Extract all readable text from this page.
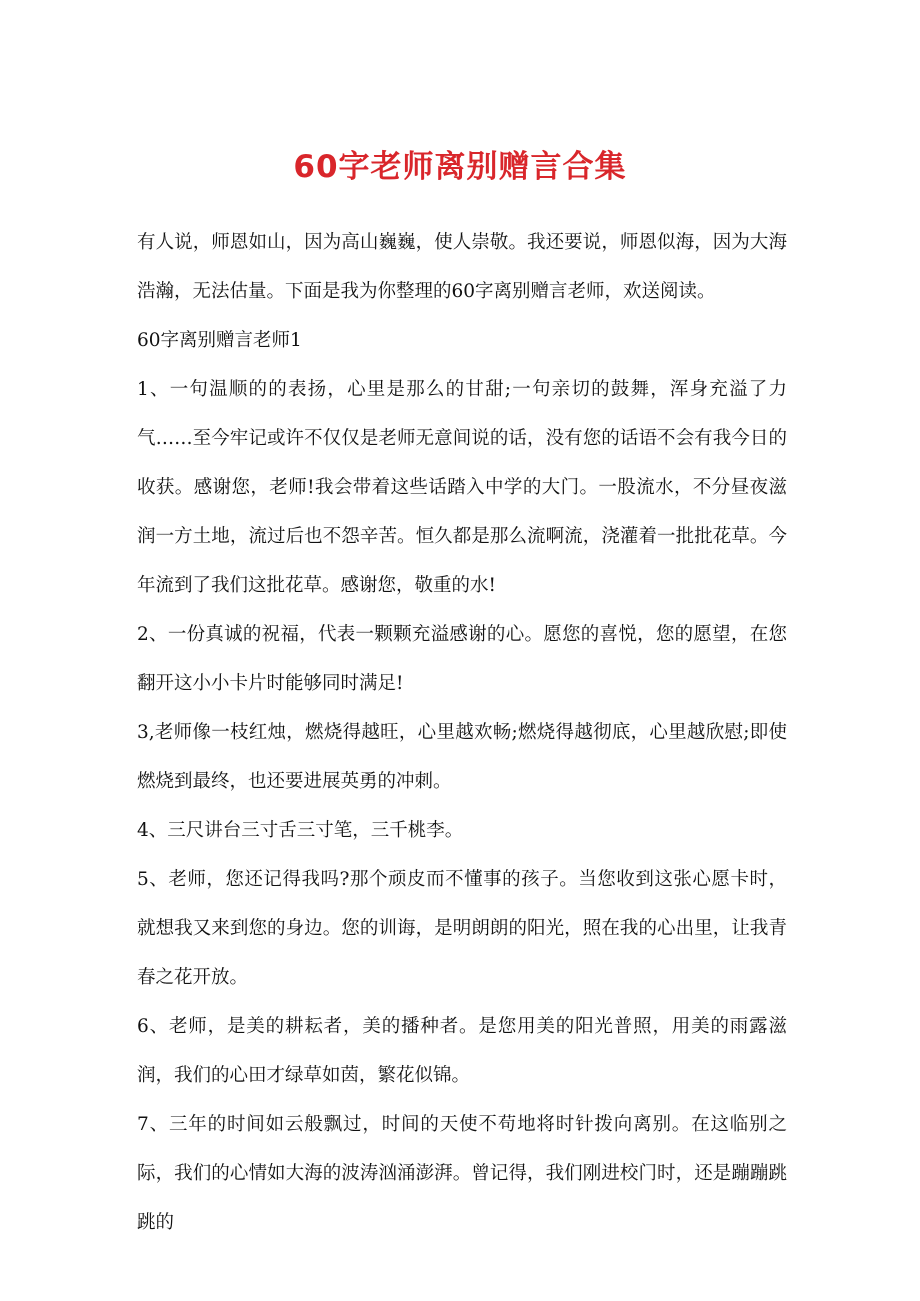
60字老师离别赠言合集

有人说，师恩如山，因为高山巍巍，使人崇敬。我还要说，师恩似海，因为大海浩瀚，无法估量。下面是我为你整理的60字离别赠言老师，欢送阅读。

60字离别赠言老师1

1、一句温顺的的表扬，心里是那么的甘甜;一句亲切的鼓舞，浑身充溢了力气……至今牢记或许不仅仅是老师无意间说的话，没有您的话语不会有我今日的收获。感谢您，老师!我会带着这些话踏入中学的大门。一股流水，不分昼夜滋润一方土地，流过后也不怨辛苦。恒久都是那么流啊流，浇灌着一批批花草。今年流到了我们这批花草。感谢您，敬重的水!

2、一份真诚的祝福，代表一颗颗充溢感谢的心。愿您的喜悦，您的愿望，在您翻开这小小卡片时能够同时满足!

3,老师像一枝红烛，燃烧得越旺，心里越欢畅;燃烧得越彻底，心里越欣慰;即使燃烧到最终，也还要进展英勇的冲刺。

4、三尺讲台三寸舌三寸笔，三千桃李。

5、老师，您还记得我吗?那个顽皮而不懂事的孩子。当您收到这张心愿卡时，就想我又来到您的身边。您的训诲，是明朗朗的阳光，照在我的心出里，让我青春之花开放。

6、老师，是美的耕耘者，美的播种者。是您用美的阳光普照，用美的雨露滋润，我们的心田才绿草如茵，繁花似锦。

7、三年的时间如云般飘过，时间的天使不苟地将时针拨向离别。在这临别之际，我们的心情如大海的波涛汹涌澎湃。曾记得，我们刚进校门时，还是蹦蹦跳跳的
